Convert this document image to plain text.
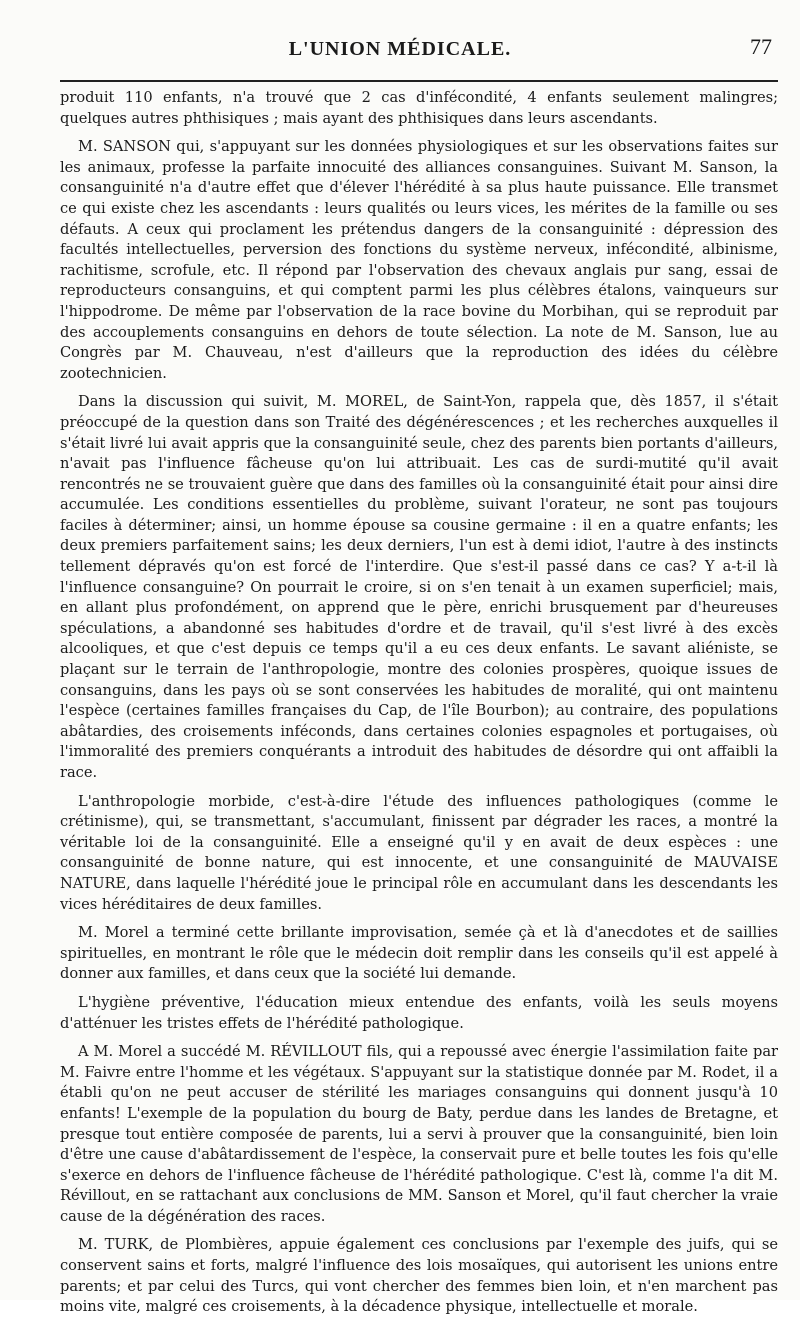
L'UNION MÉDICALE.	77

produit 110 enfants, n'a trouvé que 2 cas d'infécondité, 4 enfants seulement malingres; quelques autres phthisiques ; mais ayant des phthisiques dans leurs ascendants.

M. SANSON qui, s'appuyant sur les données physiologiques et sur les observations faites sur les animaux, professe la parfaite innocuité des alliances consanguines. Suivant M. Sanson, la consanguinité n'a d'autre effet que d'élever l'hérédité à sa plus haute puissance. Elle transmet ce qui existe chez les ascendants : leurs qualités ou leurs vices, les mérites de la famille ou ses défauts. A ceux qui proclament les prétendus dangers de la consanguinité : dépression des facultés intellectuelles, perversion des fonctions du système nerveux, infécondité, albinisme, rachitisme, scrofule, etc. Il répond par l'observation des chevaux anglais pur sang, essai de reproducteurs consanguins, et qui comptent parmi les plus célèbres étalons, vainqueurs sur l'hippodrome. De même par l'observation de la race bovine du Morbihan, qui se reproduit par des accouplements consanguins en dehors de toute sélection. La note de M. Sanson, lue au Congrès par M. Chauveau, n'est d'ailleurs que la reproduction des idées du célèbre zootechnicien.

Dans la discussion qui suivit, M. MOREL, de Saint-Yon, rappela que, dès 1857, il s'était préoccupé de la question dans son Traité des dégénérescences ; et les recherches auxquelles il s'était livré lui avait appris que la consanguinité seule, chez des parents bien portants d'ailleurs, n'avait pas l'influence fâcheuse qu'on lui attribuait. Les cas de surdi-mutité qu'il avait rencontrés ne se trouvaient guère que dans des familles où la consanguinité était pour ainsi dire accumulée. Les conditions essentielles du problème, suivant l'orateur, ne sont pas toujours faciles à déterminer; ainsi, un homme épouse sa cousine germaine : il en a quatre enfants; les deux premiers parfaitement sains; les deux derniers, l'un est à demi idiot, l'autre à des instincts tellement dépravés qu'on est forcé de l'interdire. Que s'est-il passé dans ce cas? Y a-t-il là l'influence consanguine? On pourrait le croire, si on s'en tenait à un examen superficiel; mais, en allant plus profondément, on apprend que le père, enrichi brusquement par d'heureuses spéculations, a abandonné ses habitudes d'ordre et de travail, qu'il s'est livré à des excès alcooliques, et que c'est depuis ce temps qu'il a eu ces deux enfants. Le savant aliéniste, se plaçant sur le terrain de l'anthropologie, montre des colonies prospères, quoique issues de consanguins, dans les pays où se sont conservées les habitudes de moralité, qui ont maintenu l'espèce (certaines familles françaises du Cap, de l'île Bourbon); au contraire, des populations abâtardies, des croisements inféconds, dans certaines colonies espagnoles et portugaises, où l'immoralité des premiers conquérants a introduit des habitudes de désordre qui ont affaibli la race.

L'anthropologie morbide, c'est-à-dire l'étude des influences pathologiques (comme le crétinisme), qui, se transmettant, s'accumulant, finissent par dégrader les races, a montré la véritable loi de la consanguinité. Elle a enseigné qu'il y en avait de deux espèces : une consanguinité de bonne nature, qui est innocente, et une consanguinité de MAUVAISE NATURE, dans laquelle l'hérédité joue le principal rôle en accumulant dans les descendants les vices héréditaires de deux familles.

M. Morel a terminé cette brillante improvisation, semée çà et là d'anecdotes et de saillies spirituelles, en montrant le rôle que le médecin doit remplir dans les conseils qu'il est appelé à donner aux familles, et dans ceux que la société lui demande.

L'hygiène préventive, l'éducation mieux entendue des enfants, voilà les seuls moyens d'atténuer les tristes effets de l'hérédité pathologique.

A M. Morel a succédé M. RÉVILLOUT fils, qui a repoussé avec énergie l'assimilation faite par M. Faivre entre l'homme et les végétaux. S'appuyant sur la statistique donnée par M. Rodet, il a établi qu'on ne peut accuser de stérilité les mariages consanguins qui donnent jusqu'à 10 enfants! L'exemple de la population du bourg de Baty, perdue dans les landes de Bretagne, et presque tout entière composée de parents, lui a servi à prouver que la consanguinité, bien loin d'être une cause d'abâtardissement de l'espèce, la conservait pure et belle toutes les fois qu'elle s'exerce en dehors de l'influence fâcheuse de l'hérédité pathologique. C'est là, comme l'a dit M. Révillout, en se rattachant aux conclusions de MM. Sanson et Morel, qu'il faut chercher la vraie cause de la dégénération des races.

M. TURK, de Plombières, appuie également ces conclusions par l'exemple des juifs, qui se conservent sains et forts, malgré l'influence des lois mosaïques, qui autorisent les unions entre parents; et par celui des Turcs, qui vont chercher des femmes bien loin, et n'en marchent pas moins vite, malgré ces croisements, à la décadence physique, intellectuelle et morale.
